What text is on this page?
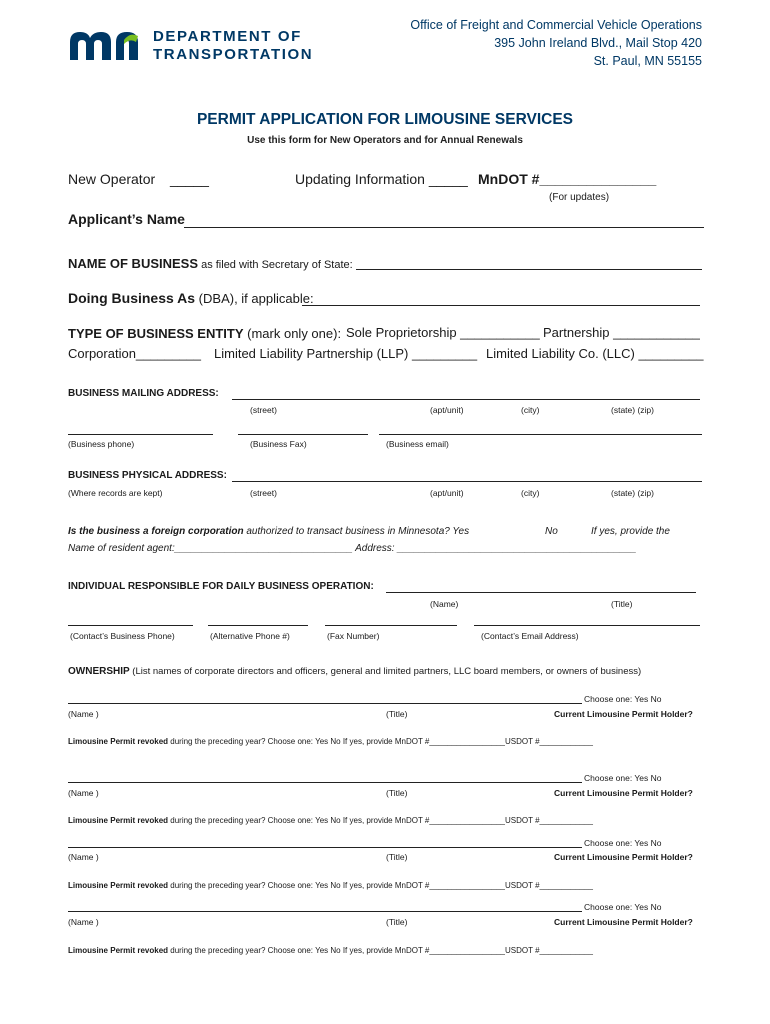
DEPARTMENT OF
TRANSPORTATION
Office of Freight and Commercial Vehicle Operations
395 John Ireland Blvd., Mail Stop 420
St. Paul, MN 55155
PERMIT APPLICATION FOR LIMOUSINE SERVICES
Use this form for New Operators and for Annual Renewals
New Operator _____	Updating Information _____ MnDOT #_______________
(For updates)
Applicant’s Name
NAME OF BUSINESS as filed with Secretary of State:
Doing Business As (DBA), if applicable:
TYPE OF BUSINESS ENTITY (mark only one): Sole Proprietorship ___________ Partnership ____________
Corporation_________ Limited Liability Partnership (LLP) _________ Limited Liability Co. (LLC) _________
BUSINESS MAILING ADDRESS:
(street)	(apt/unit)	(city)	(state) (zip)
(Business phone)	(Business Fax)	(Business email)
BUSINESS PHYSICAL ADDRESS:
(Where records are kept)	(street)	(apt/unit)	(city)	(state) (zip)
Is the business a foreign corporation authorized to transact business in Minnesota? Yes	No	If yes, provide the
Name of resident agent:________________________________ Address: ___________________________________________
INDIVIDUAL RESPONSIBLE FOR DAILY BUSINESS OPERATION:
(Name)	(Title)
(Contact’s Business Phone)	(Alternative Phone #)	(Fax Number)	(Contact’s Email Address)
OWNERSHIP (List names of corporate directors and officers, general and limited partners, LLC board members, or owners of business)
Choose one: Yes No
(Name )	(Title)	Current Limousine Permit Holder?
Limousine Permit revoked during the preceding year? Choose one: Yes No If yes, provide MnDOT #_________________USDOT #____________
Choose one: Yes No
(Name )	(Title)	Current Limousine Permit Holder?
Limousine Permit revoked during the preceding year? Choose one: Yes No If yes, provide MnDOT #_________________USDOT #____________
Choose one: Yes No
(Name )	(Title)	Current Limousine Permit Holder?
Limousine Permit revoked during the preceding year? Choose one: Yes No If yes, provide MnDOT #_________________USDOT #____________
Choose one: Yes No
(Name )	(Title)	Current Limousine Permit Holder?
Limousine Permit revoked during the preceding year? Choose one: Yes No If yes, provide MnDOT #_________________USDOT #____________
